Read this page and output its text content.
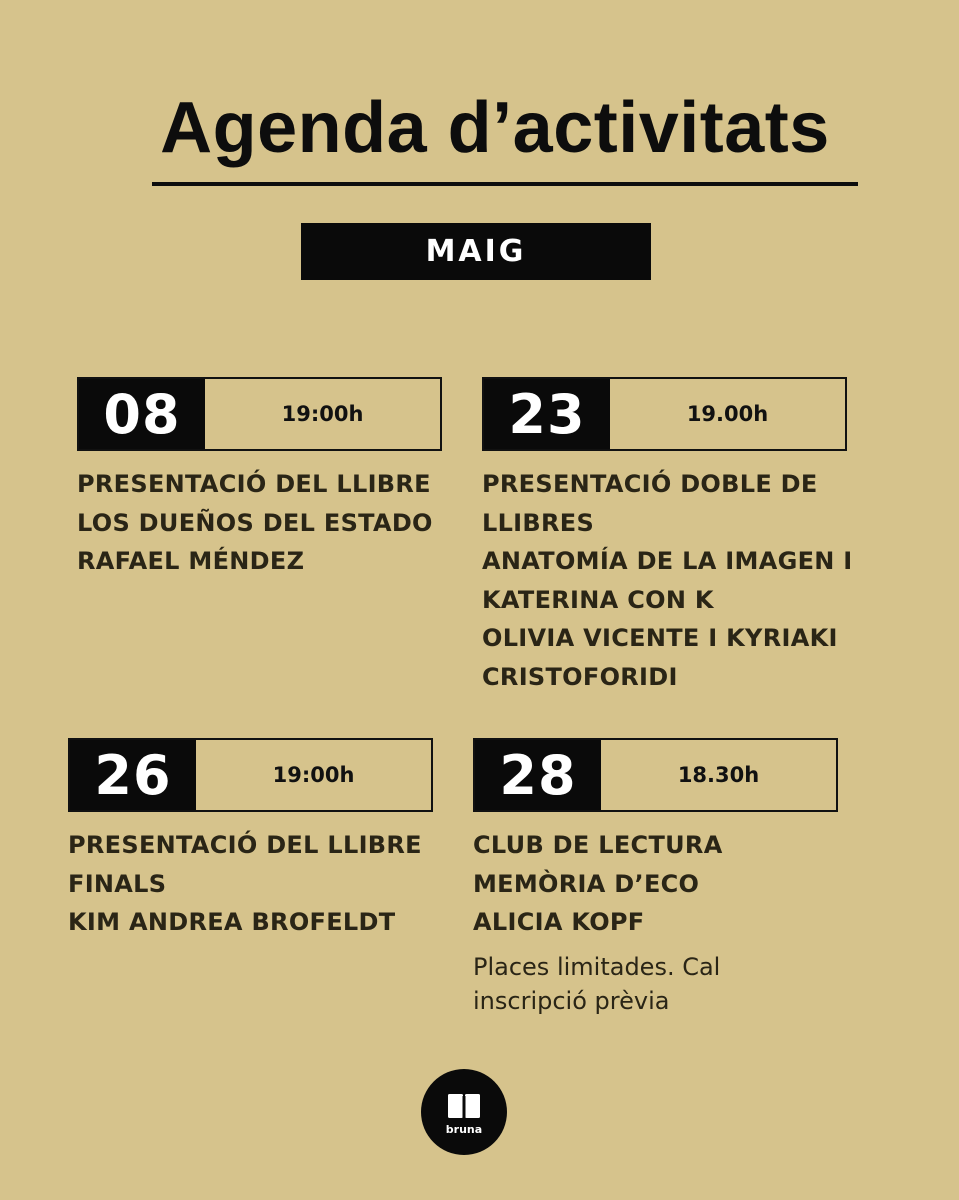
Agenda d’activitats
MAIG
08	19:00h
PRESENTACIÓ DEL LLIBRE
LOS DUEÑOS DEL ESTADO
RAFAEL MÉNDEZ
23	19.00h
PRESENTACIÓ DOBLE DE
LLIBRES
ANATOMÍA DE LA IMAGEN I
KATERINA CON K
OLIVIA VICENTE I KYRIAKI
CRISTOFORIDI
26	19:00h
PRESENTACIÓ DEL LLIBRE
FINALS
KIM ANDREA BROFELDT
28	18.30h
CLUB DE LECTURA
MEMÒRIA D’ECO
ALICIA KOPF
Places limitades. Cal inscripció prèvia
bruna
